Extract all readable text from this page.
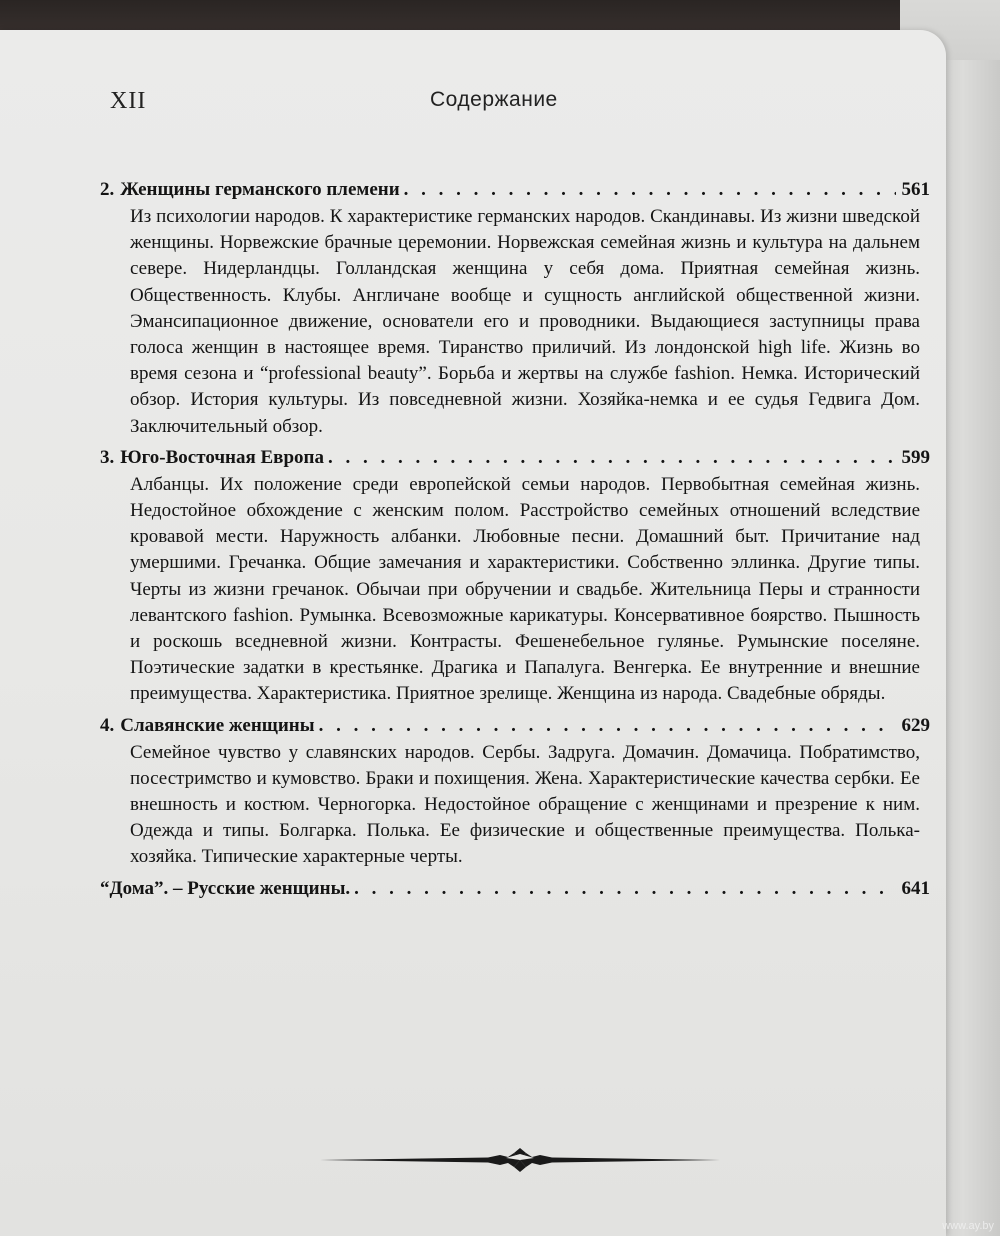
XII	Содержание
2. Женщины германского племени . . .	561
Из психологии народов. К характеристике германских народов. Скандинавы. Из жизни шведской женщины. Норвежские брачные церемонии. Норвежская семейная жизнь и культура на дальнем севере. Нидерландцы. Голландская женщина у себя дома. Приятная семейная жизнь. Общественность. Клубы. Англичане вообще и сущность английской общественной жизни. Эмансипационное движение, основатели его и проводники. Выдающиеся заступницы права голоса женщин в настоящее время. Тиранство приличий. Из лондонской high life. Жизнь во время сезона и “professional beauty”. Борьба и жертвы на службе fashion. Немка. Исторический обзор. История культуры. Из повседневной жизни. Хозяйка-немка и ее судья Гедвига Дом. Заключительный обзор.
3. Юго-Восточная Европа . . .	599
Албанцы. Их положение среди европейской семьи народов. Первобытная семейная жизнь. Недостойное обхождение с женским полом. Расстройство семейных отношений вследствие кровавой мести. Наружность албанки. Любовные песни. Домашний быт. Причитание над умершими. Гречанка. Общие замечания и характеристики. Собственно эллинка. Другие типы. Черты из жизни гречанок. Обычаи при обручении и свадьбе. Жительница Перы и странности левантского fashion. Румынка. Всевозможные карикатуры. Консервативное боярство. Пышность и роскошь вседневной жизни. Контрасты. Фешенебельное гулянье. Румынские поселяне. Поэтические задатки в крестьянке. Драгика и Папалуга. Венгерка. Ее внутренние и внешние преимущества. Характеристика. Приятное зрелище. Женщина из народа. Свадебные обряды.
4. Славянские женщины . . .	629
Семейное чувство у славянских народов. Сербы. Задруга. Домачин. Домачица. Побратимство, посестримство и кумовство. Браки и похищения. Жена. Характеристические качества сербки. Ее внешность и костюм. Черногорка. Недостойное обращение с женщинами и презрение к ним. Одежда и типы. Болгарка. Полька. Ее физические и общественные преимущества. Полька-хозяйка. Типические характерные черты.
“Дома”. – Русские женщины. . . .	641
www.ay.by
